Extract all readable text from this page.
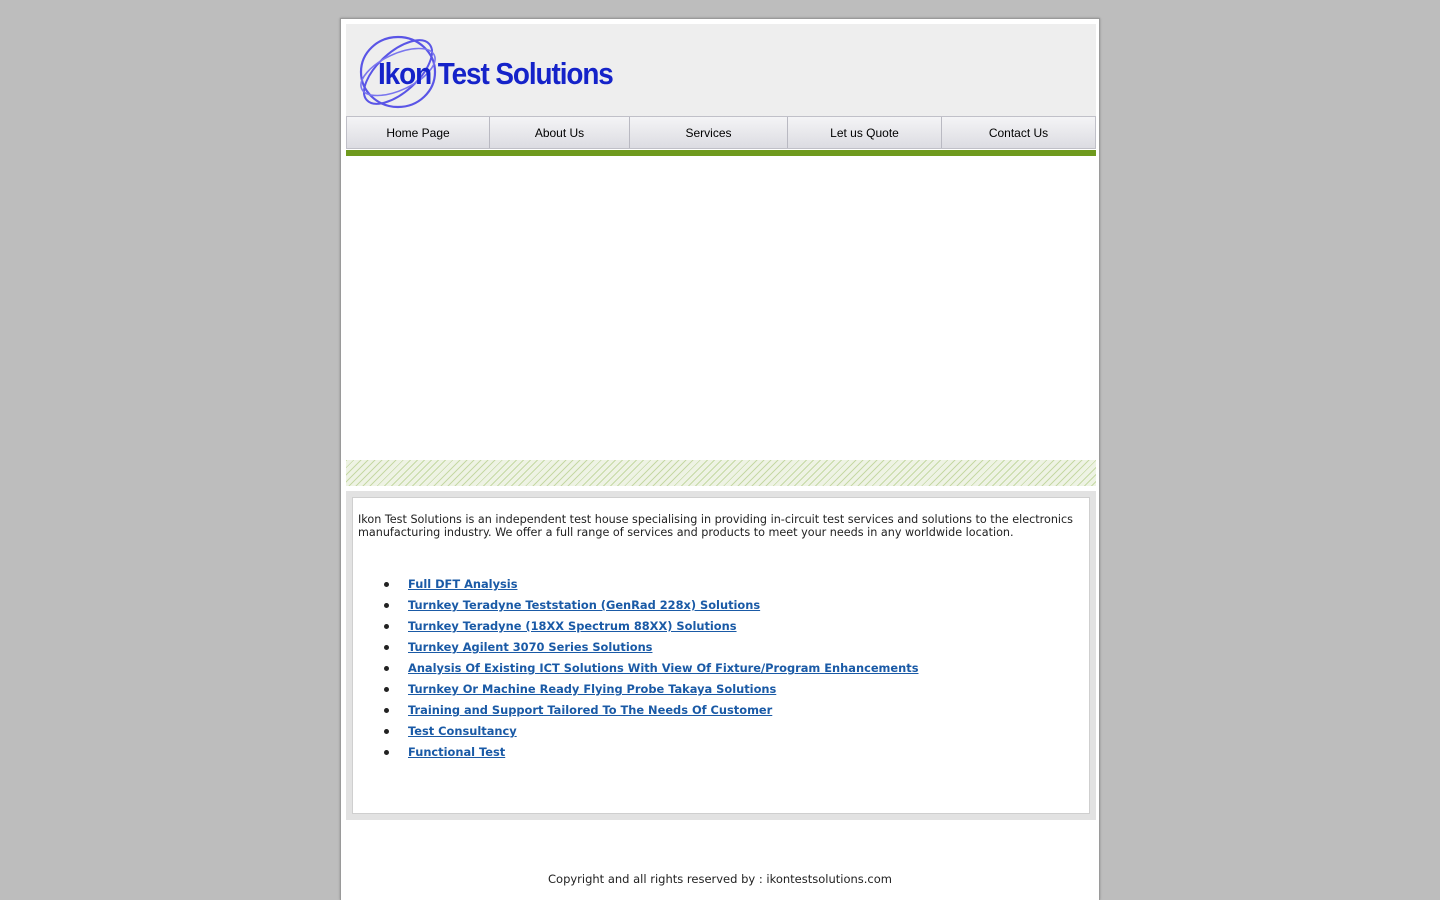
Ikon Test Solutions
Home Page	About Us	Services	Let us Quote	Contact Us

Ikon Test Solutions is an independent test house specialising in providing in-circuit test services and solutions to the electronics manufacturing industry. We offer a full range of services and products to meet your needs in any worldwide location.

Full DFT Analysis
Turnkey Teradyne Teststation (GenRad 228x) Solutions
Turnkey Teradyne (18XX Spectrum 88XX) Solutions
Turnkey Agilent 3070 Series Solutions
Analysis Of Existing ICT Solutions With View Of Fixture/Program Enhancements
Turnkey Or Machine Ready Flying Probe Takaya Solutions
Training and Support Tailored To The Needs Of Customer
Test Consultancy
Functional Test
Copyright and all rights reserved by : ikontestsolutions.com
